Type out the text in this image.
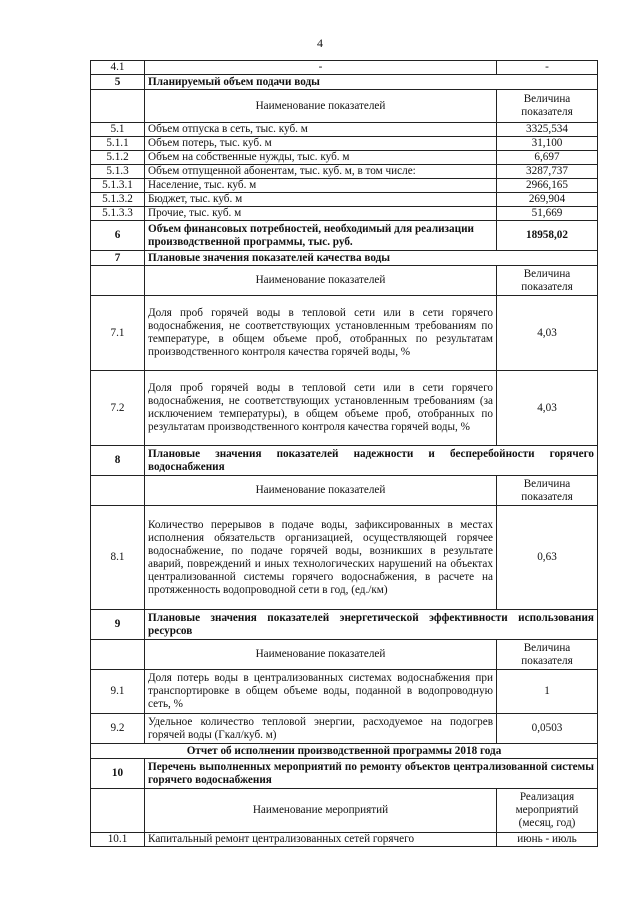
4
4.1	-	-
5	Планируемый объем подачи воды	
	Наименование показателей	Величина показателя
5.1	Объем отпуска в сеть, тыс. куб. м	3325,534
5.1.1	Объем потерь, тыс. куб. м	31,100
5.1.2	Объем на собственные нужды, тыс. куб. м	6,697
5.1.3	Объем отпущенной абонентам, тыс. куб. м, в том числе:	3287,737
5.1.3.1	Население, тыс. куб. м	2966,165
5.1.3.2	Бюджет, тыс. куб. м	269,904
5.1.3.3	Прочие, тыс. куб. м	51,669
6	Объем финансовых потребностей, необходимый для реализации производственной программы, тыс. руб.	18958,02
7	Плановые значения показателей качества воды	
	Наименование показателей	Величина показателя
7.1	Доля проб горячей воды в тепловой сети или в сети горячего водоснабжения, не соответствующих установленным требованиям по температуре, в общем объеме проб, отобранных по результатам производственного контроля качества горячей воды, %	4,03
7.2	Доля проб горячей воды в тепловой сети или в сети горячего водоснабжения, не соответствующих установленным требованиям (за исключением температуры), в общем объеме проб, отобранных по результатам производственного контроля качества горячей воды, %	4,03
8	Плановые значения показателей надежности и бесперебойности горячего водоснабжения	
	Наименование показателей	Величина показателя
8.1	Количество перерывов в подаче воды, зафиксированных в местах исполнения обязательств организацией, осуществляющей горячее водоснабжение, по подаче горячей воды, возникших в результате аварий, повреждений и иных технологических нарушений на объектах централизованной системы горячего водоснабжения, в расчете на протяженность водопроводной сети в год, (ед./км)	0,63
9	Плановые значения показателей энергетической эффективности использования ресурсов	
	Наименование показателей	Величина показателя
9.1	Доля потерь воды в централизованных системах водоснабжения при транспортировке в общем объеме воды, поданной в водопроводную сеть, %	1
9.2	Удельное количество тепловой энергии, расходуемое на подогрев горячей воды (Гкал/куб. м)	0,0503
Отчет об исполнении производственной программы 2018 года		
10	Перечень выполненных мероприятий по ремонту объектов централизованной системы горячего водоснабжения	
	Наименование мероприятий	Реализация мероприятий (месяц, год)
10.1	Капитальный ремонт централизованных сетей горячего	июнь - июль
